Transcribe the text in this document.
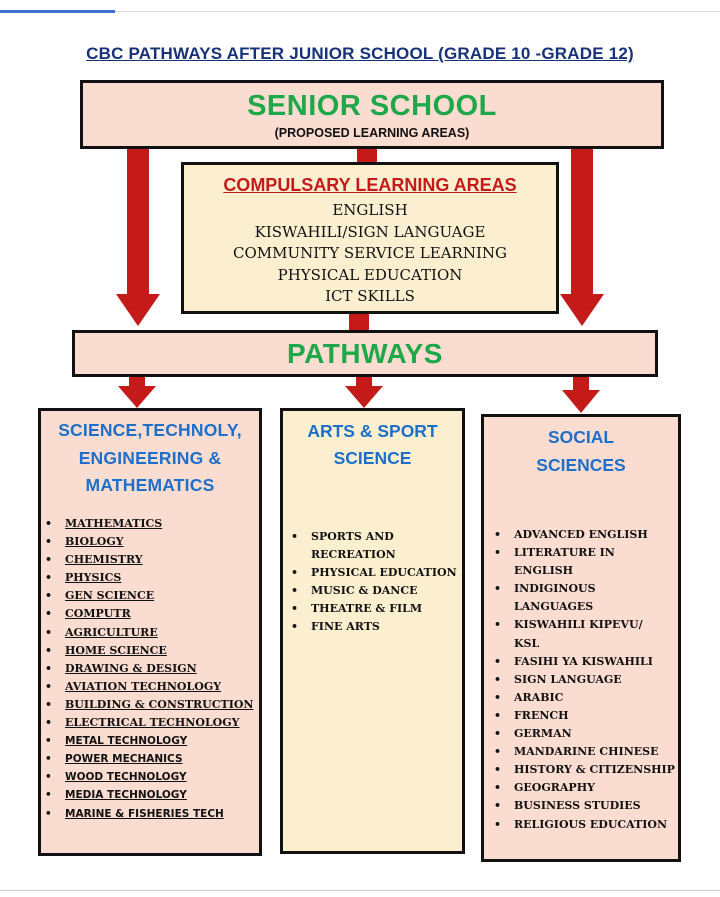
CBC PATHWAYS AFTER JUNIOR SCHOOL (GRADE 10 -GRADE 12)
SENIOR SCHOOL
(PROPOSED LEARNING AREAS)
COMPULSARY LEARNING AREAS
ENGLISH
KISWAHILI/SIGN LANGUAGE
COMMUNITY SERVICE LEARNING
PHYSICAL EDUCATION
ICT SKILLS
PATHWAYS
SCIENCE,TECHNOLY,
ENGINEERING &
MATHEMATICS
• MATHEMATICS
• BIOLOGY
• CHEMISTRY
• PHYSICS
• GEN SCIENCE
• COMPUTR
• AGRICULTURE
• HOME SCIENCE
• DRAWING & DESIGN
• AVIATION TECHNOLOGY
• BUILDING & CONSTRUCTION
• ELECTRICAL TECHNOLOGY
• METAL TECHNOLOGY
• POWER MECHANICS
• WOOD TECHNOLOGY
• MEDIA TECHNOLOGY
• MARINE & FISHERIES TECH
ARTS & SPORT
SCIENCE
• SPORTS AND
RECREATION
• PHYSICAL EDUCATION
• MUSIC & DANCE
• THEATRE & FILM
• FINE ARTS
SOCIAL
SCIENCES
• ADVANCED ENGLISH
• LITERATURE IN
ENGLISH
• INDIGINOUS
LANGUAGES
• KISWAHILI KIPEVU/
KSL
• FASIHI YA KISWAHILI
• SIGN LANGUAGE
• ARABIC
• FRENCH
• GERMAN
• MANDARINE CHINESE
• HISTORY & CITIZENSHIP
• GEOGRAPHY
• BUSINESS STUDIES
• RELIGIOUS EDUCATION
